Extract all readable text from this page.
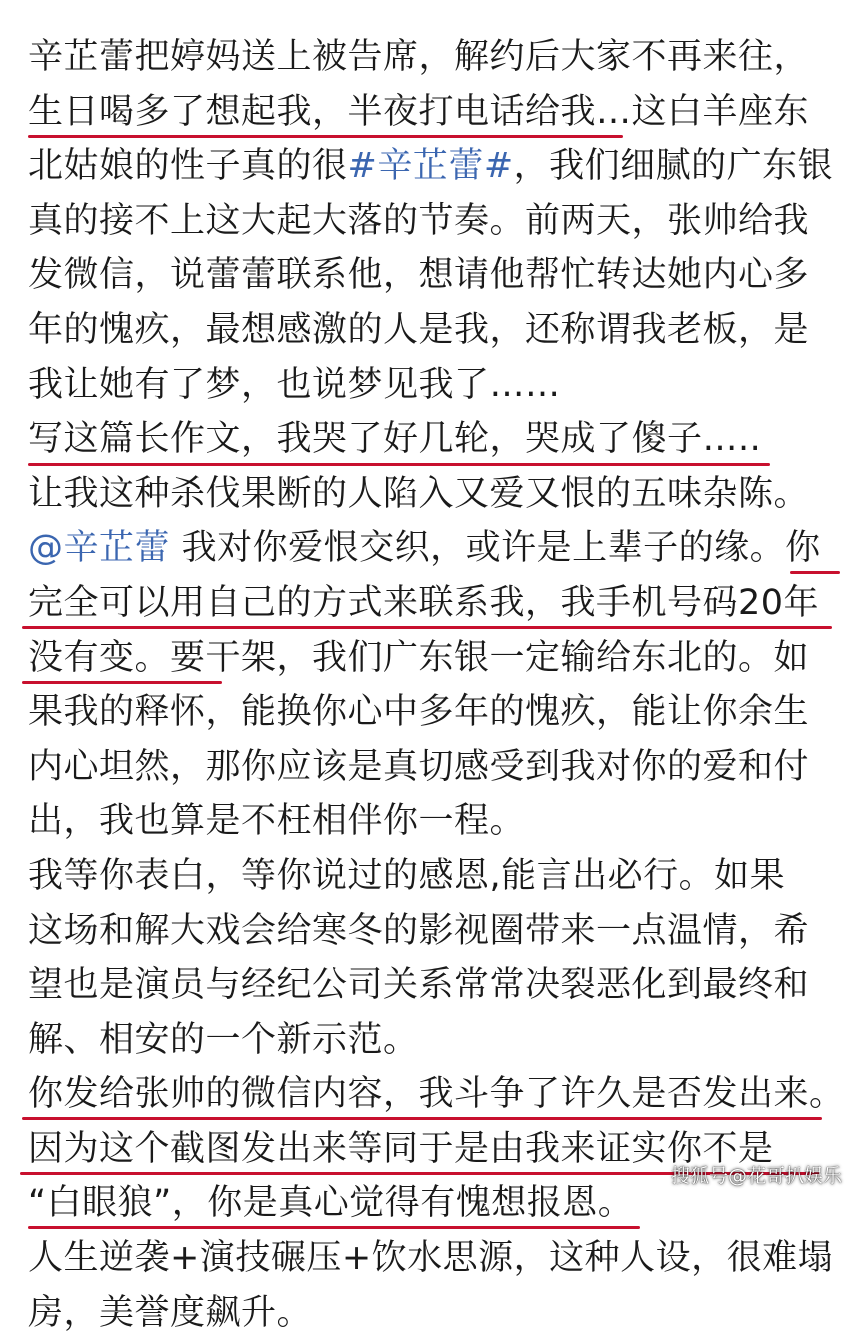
辛芷蕾把婷妈送上被告席，解约后大家不再来往，
生日喝多了想起我，半夜打电话给我…这白羊座东
北姑娘的性子真的很#辛芷蕾#，我们细腻的广东银
真的接不上这大起大落的节奏。前两天，张帅给我
发微信，说蕾蕾联系他，想请他帮忙转达她内心多
年的愧疚，最想感激的人是我，还称谓我老板，是
我让她有了梦，也说梦见我了……
写这篇长作文，我哭了好几轮，哭成了傻子…..
让我这种杀伐果断的人陷入又爱又恨的五味杂陈。
@辛芷蕾 我对你爱恨交织，或许是上辈子的缘。你
完全可以用自己的方式来联系我，我手机号码20年
没有变。要干架，我们广东银一定输给东北的。如
果我的释怀，能换你心中多年的愧疚，能让你余生
内心坦然，那你应该是真切感受到我对你的爱和付
出，我也算是不枉相伴你一程。
我等你表白，等你说过的感恩,能言出必行。如果
这场和解大戏会给寒冬的影视圈带来一点温情，希
望也是演员与经纪公司关系常常决裂恶化到最终和
解、相安的一个新示范。
你发给张帅的微信内容，我斗争了许久是否发出来。
因为这个截图发出来等同于是由我来证实你不是
“白眼狼”，你是真心觉得有愧想报恩。
人生逆袭+演技碾压+饮水思源，这种人设，很难塌
房，美誉度飙升。
搜狐号@花哥扒娱乐
